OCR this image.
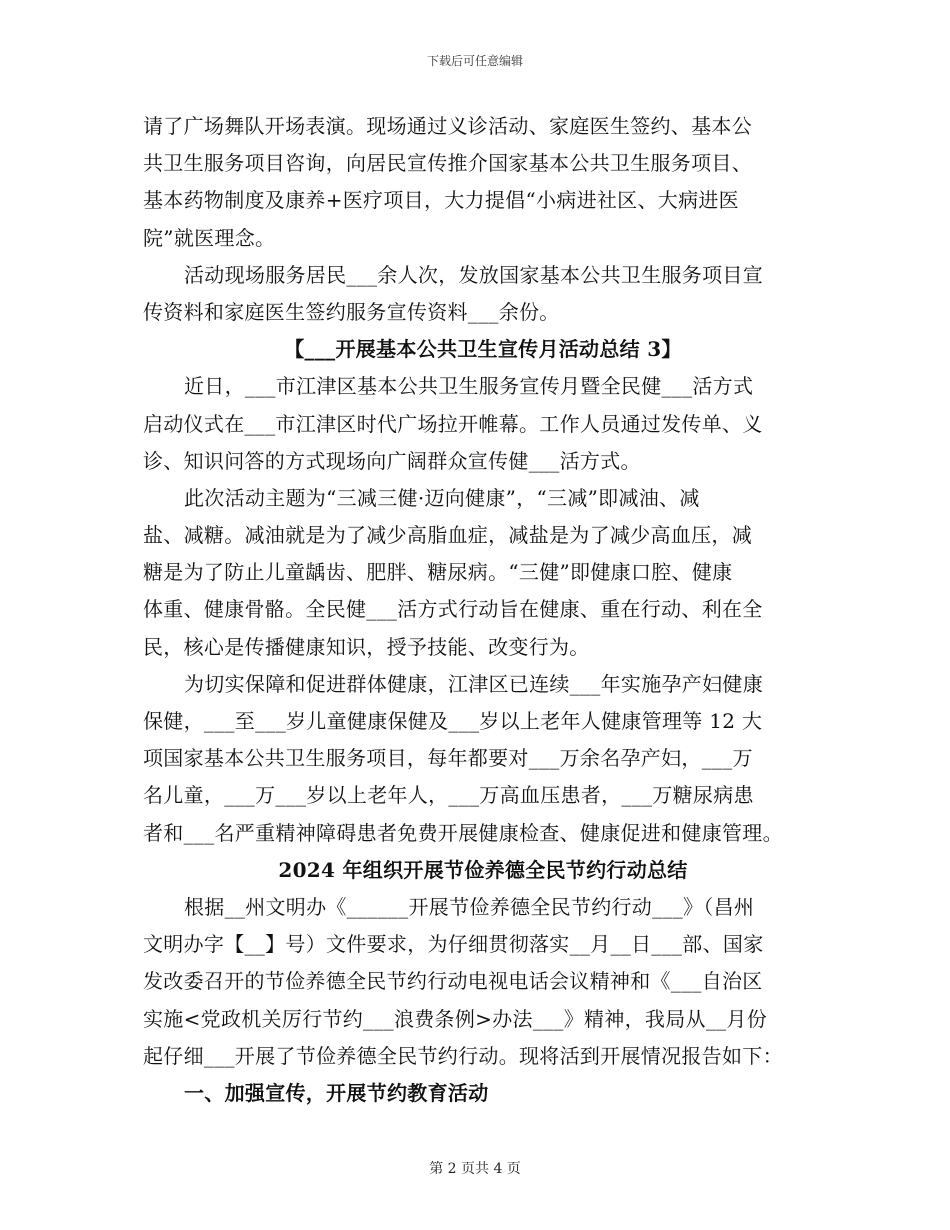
下载后可任意编辑
请了广场舞队开场表演。现场通过义诊活动、家庭医生签约、基本公
共卫生服务项目咨询，向居民宣传推介国家基本公共卫生服务项目、
基本药物制度及康养+医疗项目，大力提倡“小病进社区、大病进医
院”就医理念。
活动现场服务居民___余人次，发放国家基本公共卫生服务项目宣
传资料和家庭医生签约服务宣传资料___余份。
【___开展基本公共卫生宣传月活动总结 3】
近日，___市江津区基本公共卫生服务宣传月暨全民健___活方式
启动仪式在___市江津区时代广场拉开帷幕。工作人员通过发传单、义
诊、知识问答的方式现场向广阔群众宣传健___活方式。
此次活动主题为“三减三健·迈向健康”，“三减”即减油、减
盐、减糖。减油就是为了减少高脂血症，减盐是为了减少高血压，减
糖是为了防止儿童龋齿、肥胖、糖尿病。“三健”即健康口腔、健康
体重、健康骨骼。全民健___活方式行动旨在健康、重在行动、利在全
民，核心是传播健康知识，授予技能、改变行为。
为切实保障和促进群体健康，江津区已连续___年实施孕产妇健康
保健，___至___岁儿童健康保健及___岁以上老年人健康管理等 12 大
项国家基本公共卫生服务项目，每年都要对___万余名孕产妇，___万
名儿童，___万___岁以上老年人，___万高血压患者，___万糖尿病患
者和___名严重精神障碍患者免费开展健康检查、健康促进和健康管理。
2024 年组织开展节俭养德全民节约行动总结
根据__州文明办《______开展节俭养德全民节约行动___》（昌州
文明办字【__】号）文件要求，为仔细贯彻落实__月__日___部、国家
发改委召开的节俭养德全民节约行动电视电话会议精神和《___自治区
实施<党政机关厉行节约___浪费条例>办法___》精神，我局从__月份
起仔细___开展了节俭养德全民节约行动。现将活到开展情况报告如下：
一、加强宣传，开展节约教育活动
第 2 页共 4 页
